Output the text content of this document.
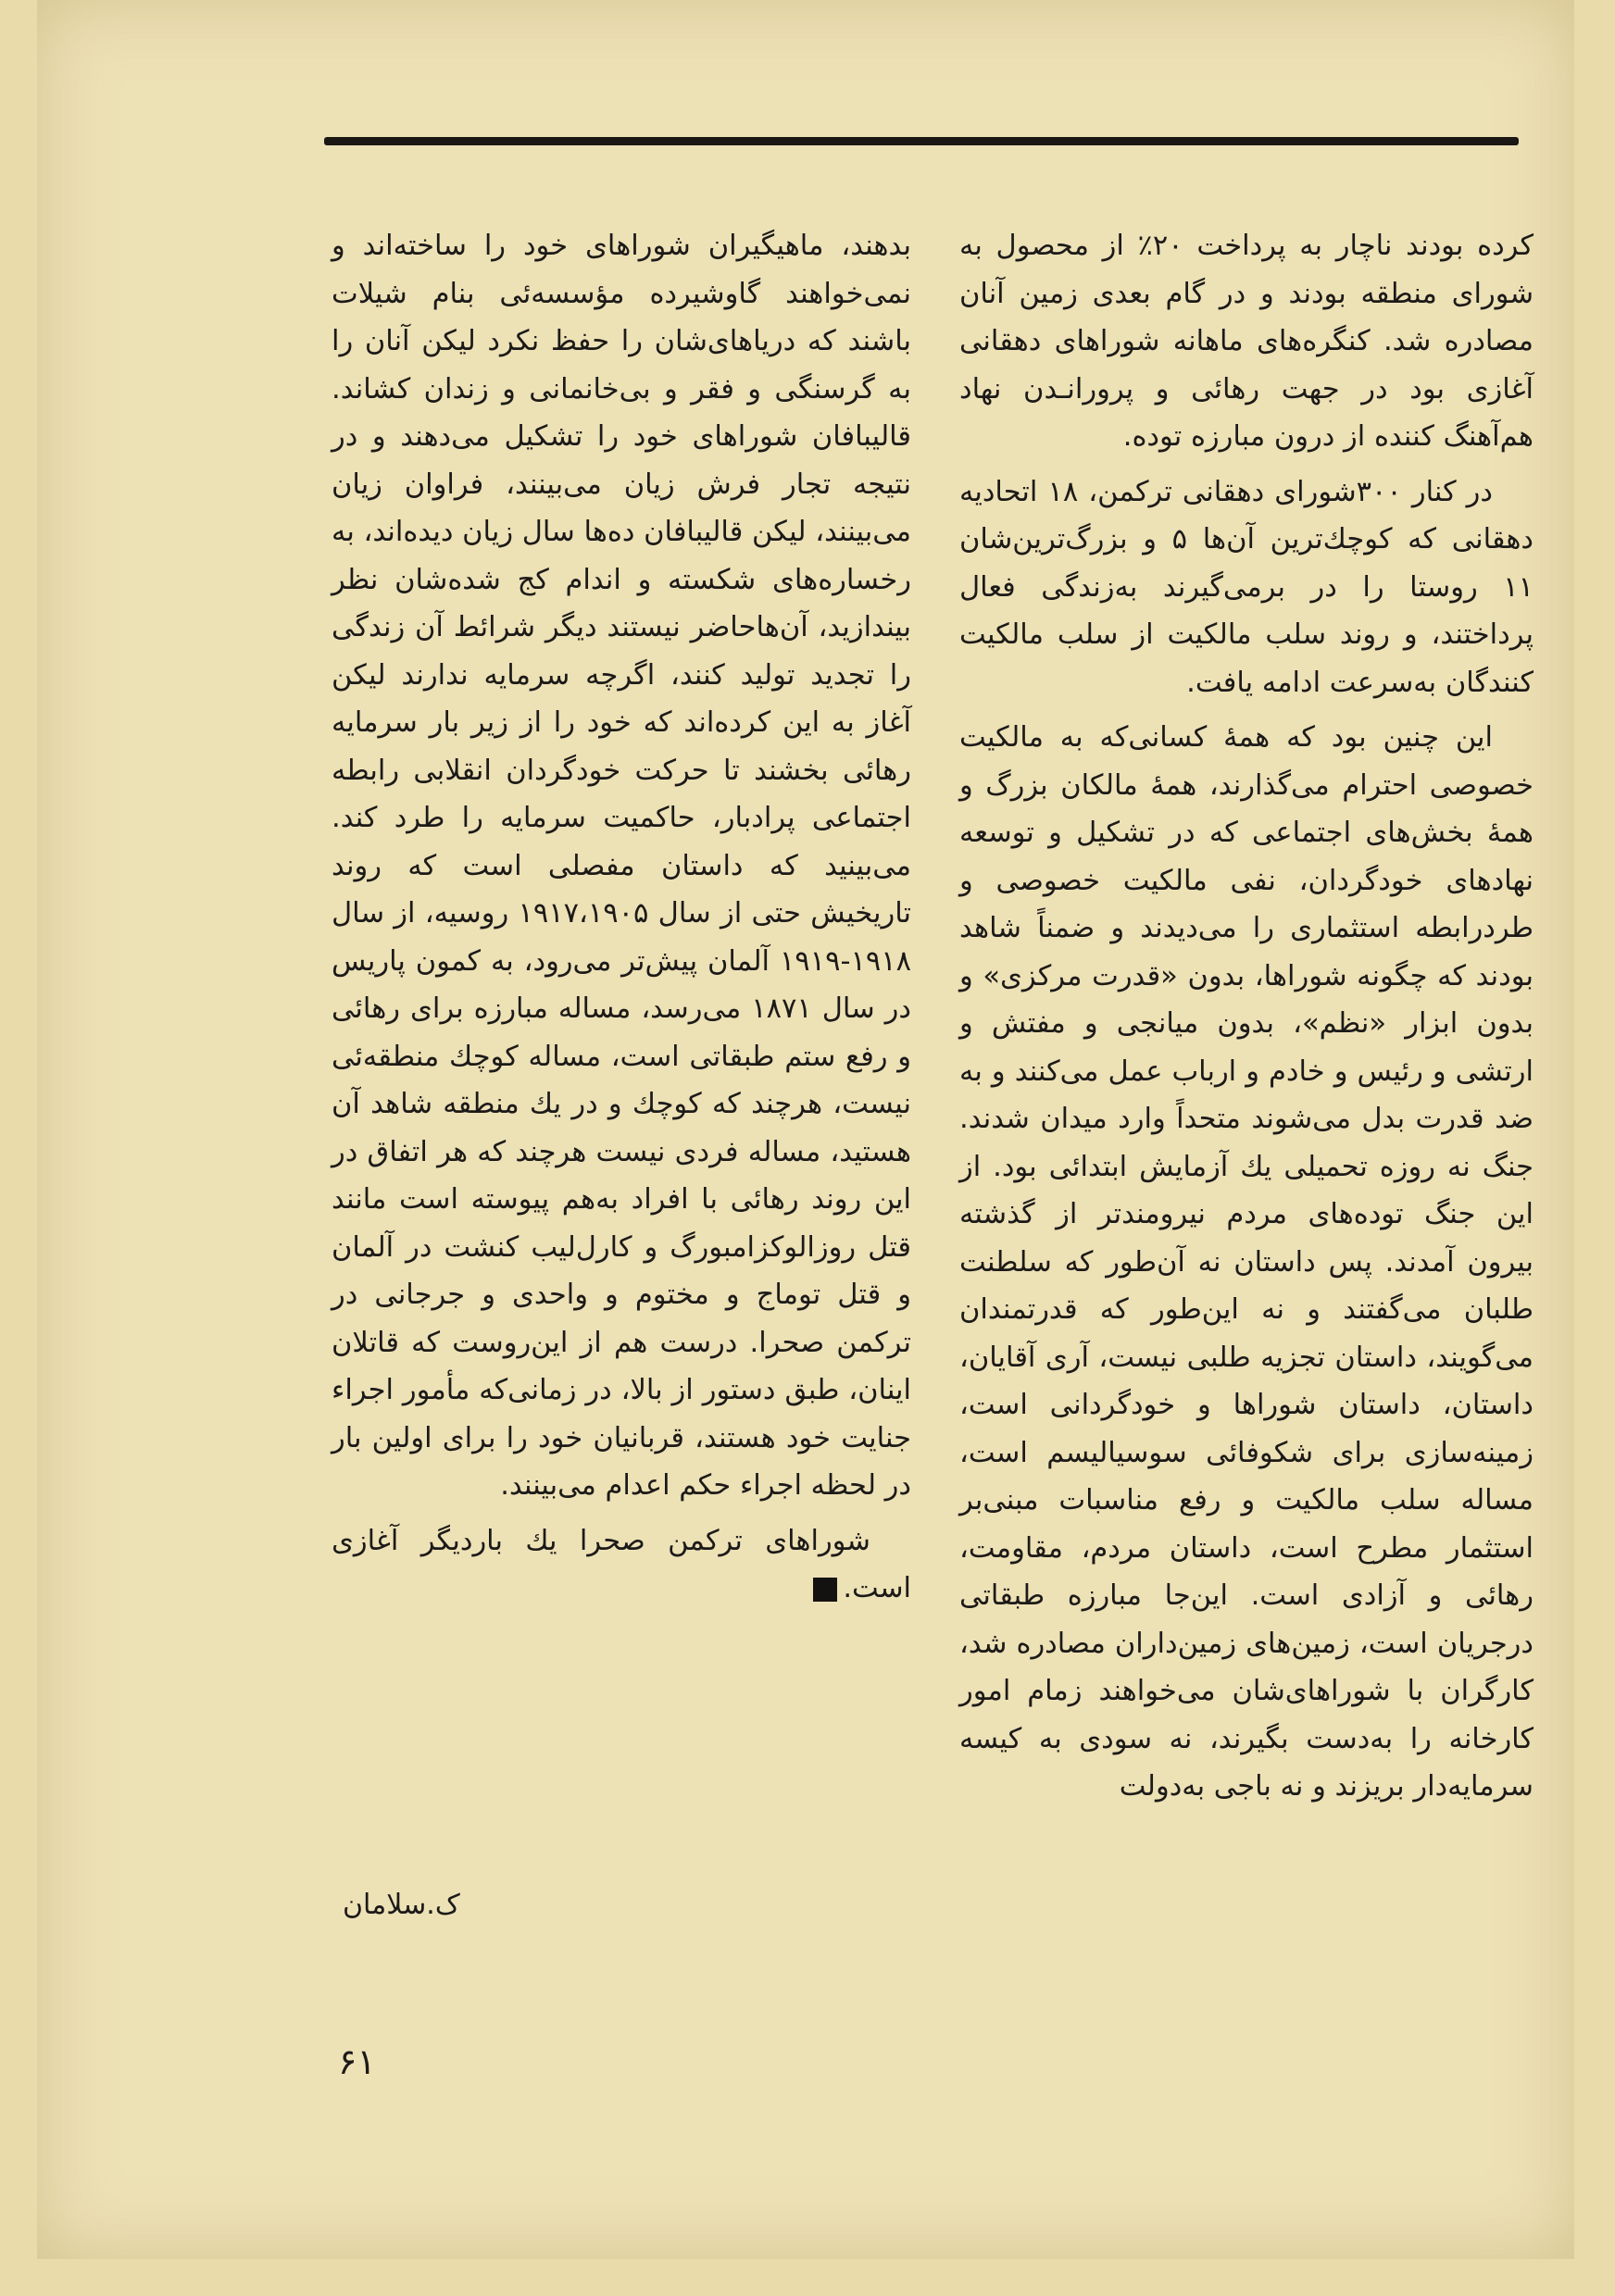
کرده بودند ناچار به پرداخت ۲۰٪ از محصول به شورای منطقه بودند و در گام بعدی زمین آنان مصادره شد. کنگره‌های ماهانه شوراهای دهقانی آغازی بود در جهت رهائی و پرورانـدن نهاد هم‌آهنگ کننده از درون مبارزه توده.

در کنار ۳۰۰شورای دهقانی ترکمن، ۱۸ اتحادیه دهقانی که کوچك‌ترین آن‌ها ۵ و بزرگ‌ترین‌شان ۱۱ روستا را در برمی‌گیرند به‌زندگی فعال پرداختند، و روند سلب مالکیت از سلب مالکیت کنندگان به‌سرعت ادامه یافت.

این چنین بود که همهٔ کسانی‌که به مالکیت خصوصی احترام می‌گذارند، همهٔ مالکان بزرگ و همهٔ بخش‌های اجتماعی که در تشکیل و توسعه نهادهای خودگردان، نفی مالکیت خصوصی و طردرابطه استثماری را می‌دیدند و ضمناً شاهد بودند که چگونه شوراها، بدون «قدرت مرکزی» و بدون ابزار «نظم»، بدون میانجی و مفتش و ارتشی و رئیس و خادم و ارباب عمل می‌کنند و به ضد قدرت بدل می‌شوند متحداً وارد میدان شدند. جنگ نه روزه تحمیلی یك آزمایش ابتدائی بود. از این جنگ توده‌های مردم نیرومندتر از گذشته بیرون آمدند. پس داستان نه آن‌طور که سلطنت طلبان می‌گفتند و نه این‌طور که قدرتمندان می‌گویند، داستان تجزیه طلبی نیست، آری آقایان، داستان، داستان شوراها و خودگردانی است، زمینه‌سازی برای شکوفائی سوسیالیسم است، مساله سلب مالکیت و رفع مناسبات مبنی‌بر استثمار مطرح است، داستان مردم، مقاومت، رهائی و آزادی است. این‌جا مبارزه طبقاتی درجریان است، زمین‌های زمین‌داران مصادره شد، کارگران با شوراهای‌شان می‌خواهند زمام امور کارخانه را به‌دست بگیرند، نه سودی به کیسه سرمایه‌دار بریزند و نه باجی به‌دولت

بدهند، ماهیگیران شوراهای خود را ساخته‌اند و نمی‌خواهند گاوشیرده مؤسسه‌ئی بنام شیلات باشند که دریاهای‌شان را حفظ نکرد لیکن آنان را به گرسنگی و فقر و بی‌خانمانی و زندان کشاند. قالیبافان شوراهای خود را تشکیل می‌دهند و در نتیجه تجار فرش زیان می‌بینند، فراوان زیان می‌بینند، لیکن قالیبافان ده‌ها سال زیان دیده‌اند، به رخساره‌های شکسته و اندام کج شده‌شان نظر بیندازید، آن‌هاحاضر نیستند دیگر شرائط آن زندگی را تجدید تولید کنند، اگرچه سرمایه ندارند لیکن آغاز به این کرده‌اند که خود را از زیر بار سرمایه رهائی بخشند تا حرکت خودگردان انقلابی رابطه اجتماعی پرادبار، حاکمیت سرمایه را طرد کند. می‌بینید که داستان مفصلی است که روند تاریخیش حتی از سال ۱۹۱۷،۱۹۰۵ روسیه، از سال ۱۹۱۸-۱۹۱۹ آلمان پیش‌تر می‌رود، به کمون پاریس در سال ۱۸۷۱ می‌رسد، مساله مبارزه برای رهائی و رفع ستم طبقاتی است، مساله کوچك منطقه‌ئی نیست، هرچند که کوچك و در یك منطقه شاهد آن هستید، مساله فردی نیست هرچند که هر اتفاق در این روند رهائی با افراد به‌هم پیوسته است مانند قتل روزالوکزامبورگ و کارل‌لیب کنشت در آلمان و قتل توماج و مختوم و واحدی و جرجانی در ترکمن صحرا. درست هم از این‌روست که قاتلان اینان، طبق دستور از بالا، در زمانی‌که مأمور اجراء جنایت خود هستند، قربانیان خود را برای اولین بار در لحظه اجراء حکم اعدام می‌بینند.

شوراهای ترکمن صحرا یك باردیگر آغازی است.

ک.سلامان
۶۱
